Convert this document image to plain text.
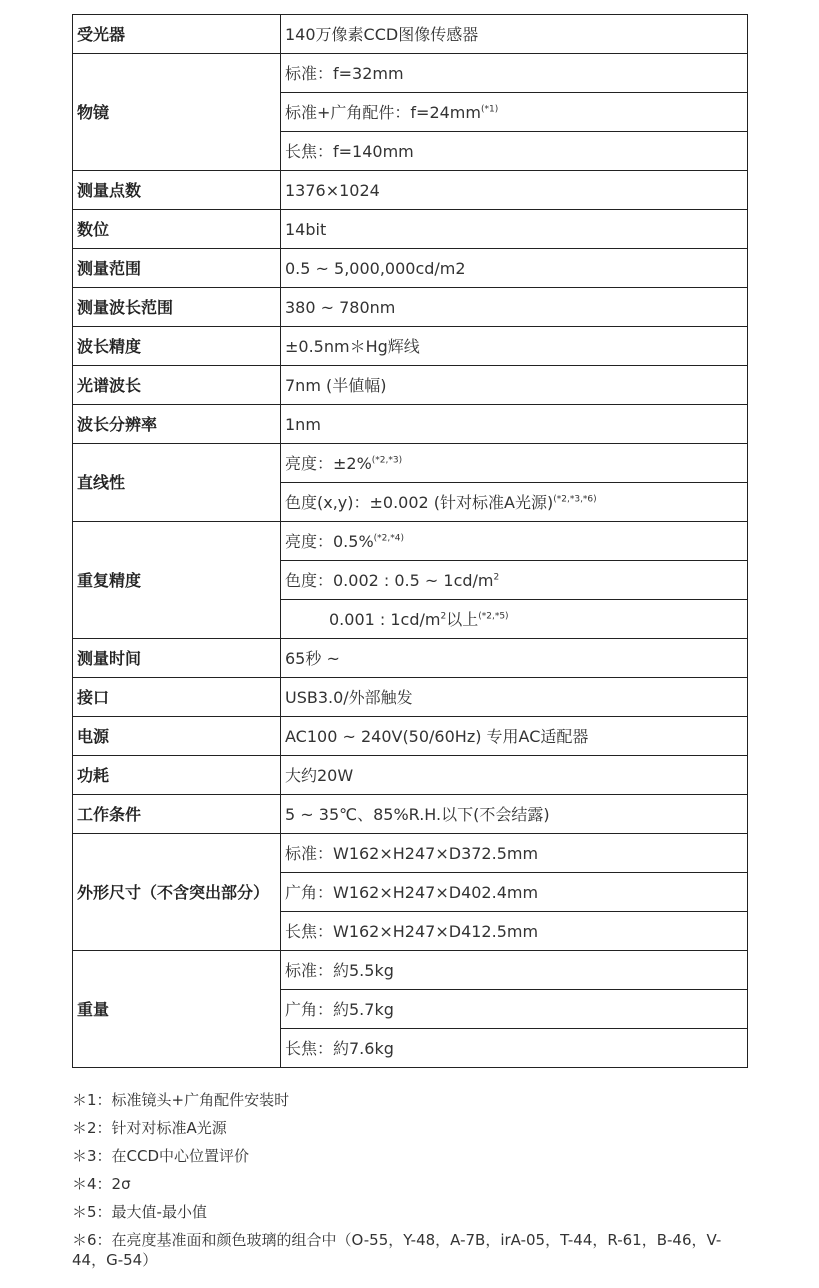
受光器	140万像素CCD图像传感器
物镜	标准：f=32mm
	标准+广角配件：$f=24mm^{(*1)}$
	长焦：f=140mm
测量点数	1376×1024
数位	14bit
测量范围	0.5 ~ 5,000,000cd/m2
测量波长范围	380 ~ 780nm
波长精度	±0.5nm＊Hg辉线
光谱波长	7nm (半値幅)
波长分辨率	1nm
直线性	亮度：±2%$^{(*2,*3)}$
	色度(x,y)：±0.002 (针对标准A光源)$^{(*2,*3,*6)}$
重复精度	亮度：0.5%$^{(*2,*4)}$
	色度：0.002 : 0.5 ~ $1cd/m^2$
	0.001 : $1cd/m^2$以上$^{(*2,*5)}$
测量时间	65秒 ~
接口	USB3.0/外部触发
电源	AC100 ~ 240V(50/60Hz) 专用AC适配器
功耗	大约20W
工作条件	5 ~ 35℃、85%R.H.以下(不会结露)
外形尺寸（不含突出部分）	标准：W162×H247×D372.5mm
	广角：W162×H247×D402.4mm
	长焦：W162×H247×D412.5mm
重量	标准：約5.5kg
	广角：約5.7kg
	长焦：約7.6kg
＊1：标准镜头+广角配件安装时
＊2：针对对标准A光源
＊3：在CCD中心位置评价
＊4：2σ
＊5：最大值-最小值
＊6：在亮度基准面和颜色玻璃的组合中（O-55，Y-48，A-7B，irA-05，T-44，R-61，B-46，V-44，G-54）
